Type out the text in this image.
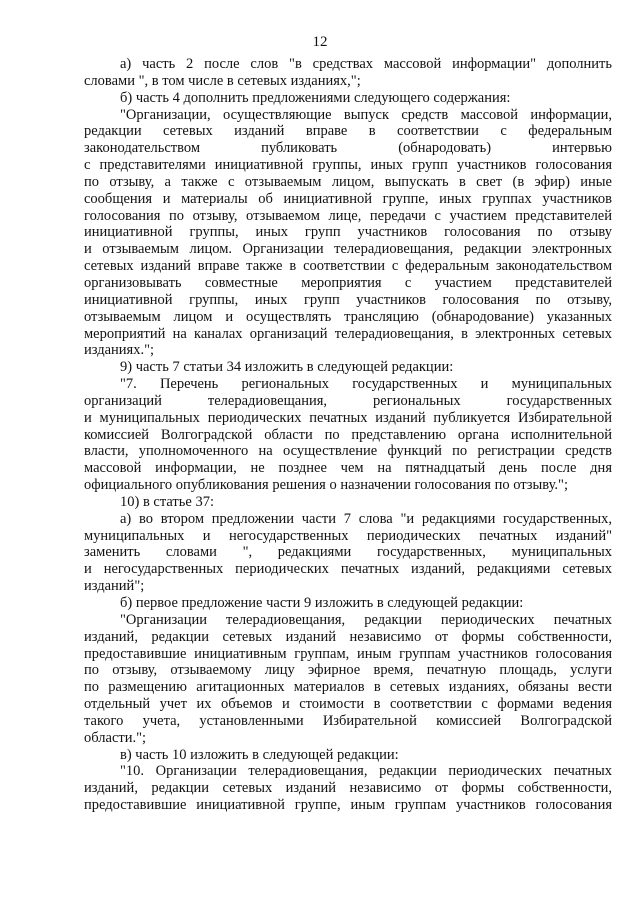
12
а) часть 2 после слов "в средствах массовой информации" дополнить
словами ", в том числе в сетевых изданиях,";
б) часть 4 дополнить предложениями следующего содержания:
"Организации, осуществляющие выпуск средств массовой информации,
редакции сетевых изданий вправе в соответствии с федеральным
законодательством публиковать (обнародовать) интервью
с представителями инициативной группы, иных групп участников голосования
по отзыву, а также с отзываемым лицом, выпускать в свет (в эфир) иные
сообщения и материалы об инициативной группе, иных группах участников
голосования по отзыву, отзываемом лице, передачи с участием представителей
инициативной группы, иных групп участников голосования по отзыву
и отзываемым лицом. Организации телерадиовещания, редакции электронных
сетевых изданий вправе также в соответствии с федеральным законодательством
организовывать совместные мероприятия с участием представителей
инициативной группы, иных групп участников голосования по отзыву,
отзываемым лицом и осуществлять трансляцию (обнародование) указанных
мероприятий на каналах организаций телерадиовещания, в электронных сетевых
изданиях.";
9) часть 7 статьи 34 изложить в следующей редакции:
"7. Перечень региональных государственных и муниципальных
организаций телерадиовещания, региональных государственных
и муниципальных периодических печатных изданий публикуется Избирательной
комиссией Волгоградской области по представлению органа исполнительной
власти, уполномоченного на осуществление функций по регистрации средств
массовой информации, не позднее чем на пятнадцатый день после дня
официального опубликования решения о назначении голосования по отзыву.";
10) в статье 37:
а) во втором предложении части 7 слова "и редакциями государственных,
муниципальных и негосударственных периодических печатных изданий"
заменить словами ", редакциями государственных, муниципальных
и негосударственных периодических печатных изданий, редакциями сетевых
изданий";
б) первое предложение части 9 изложить в следующей редакции:
"Организации телерадиовещания, редакции периодических печатных
изданий, редакции сетевых изданий независимо от формы собственности,
предоставившие инициативным группам, иным группам участников голосования
по отзыву, отзываемому лицу эфирное время, печатную площадь, услуги
по размещению агитационных материалов в сетевых изданиях, обязаны вести
отдельный учет их объемов и стоимости в соответствии с формами ведения
такого учета, установленными Избирательной комиссией Волгоградской
области.";
в) часть 10 изложить в следующей редакции:
"10. Организации телерадиовещания, редакции периодических печатных
изданий, редакции сетевых изданий независимо от формы собственности,
предоставившие инициативной группе, иным группам участников голосования
